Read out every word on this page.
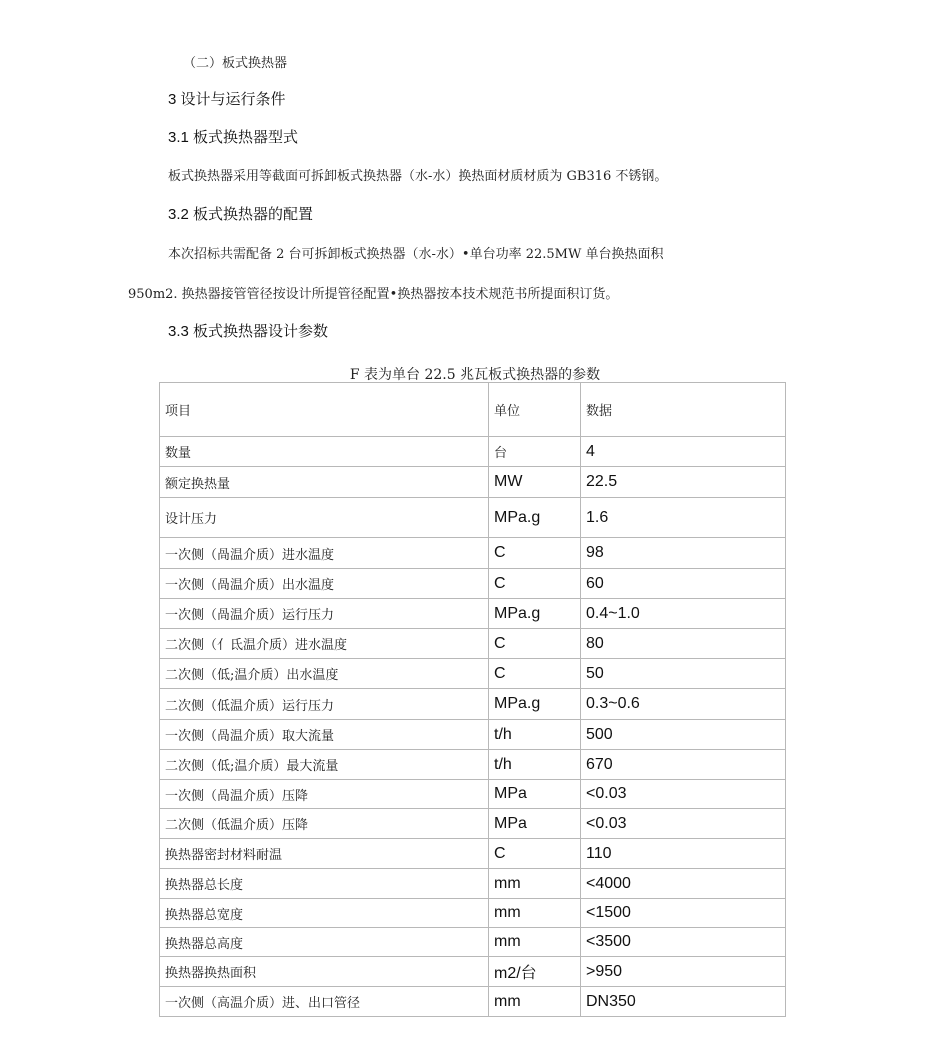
（二）板式换热器
3 设计与运行条件
3.1 板式换热器型式
板式换热器采用等截面可拆卸板式换热器（水-水）换热面材质材质为 GB316 不锈钢。
3.2 板式换热器的配置
本次招标共需配备 2 台可拆卸板式换热器（水-水）•单台功率 22.5MW 单台换热面积
950m2. 换热器接管管径按设计所提管径配置•换热器按本技术规范书所提面积订货。
3.3 板式换热器设计参数
F 表为单台 22.5 兆瓦板式换热器的参数
项目	单位	数据
数量	台	4
额定换热量	MW	22.5
设计压力	MPa.g	1.6
一次侧（咼温介质）进水温度	C	98
一次侧（咼温介质）出水温度	C	60
一次侧（咼温介质）运行压力	MPa.g	0.4~1.0
二次侧（亻氐温介质）进水温度	C	80
二次侧（低;温介质）出水温度	C	50
二次侧（低温介质）运行压力	MPa.g	0.3~0.6
一次侧（咼温介质）取大流量	t/h	500
二次侧（低;温介质）最大流量	t/h	670
一次侧（咼温介质）压降	MPa	<0.03
二次侧（低温介质）压降	MPa	<0.03
换热器密封材料耐温	C	110
换热器总长度	mm	<4000
换热器总宽度	mm	<1500
换热器总高度	mm	<3500
换热器换热面积	m2/台	>950
一次侧（高温介质）进、出口管径	mm	DN350
